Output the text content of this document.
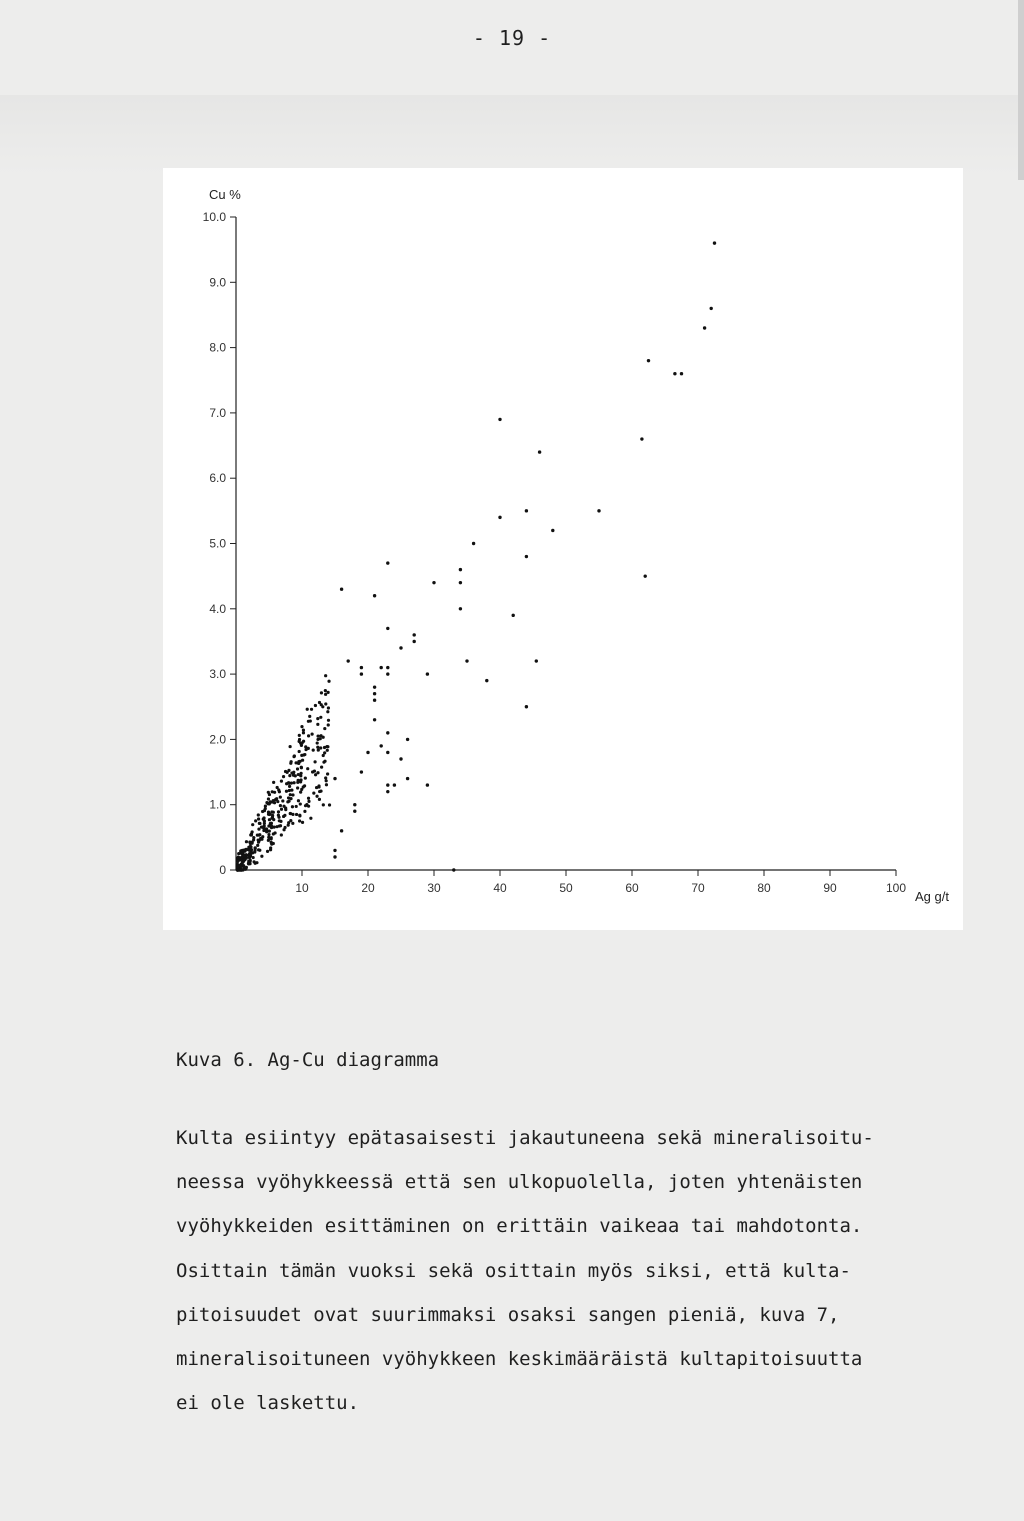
- 19 -
Cu %
Ag g/t
0
1.0
2.0
3.0
4.0
5.0
6.0
7.0
8.0
9.0
10.0
10	20	30	40	50	60	70	80	90	100
Kuva 6. Ag-Cu diagramma
Kulta esiintyy epätasaisesti jakautuneena sekä mineralisoitu-
neessa vyöhykkeessä että sen ulkopuolella, joten yhtenäisten
vyöhykkeiden esittäminen on erittäin vaikeaa tai mahdotonta.
Osittain tämän vuoksi sekä osittain myös siksi, että kulta-
pitoisuudet ovat suurimmaksi osaksi sangen pieniä, kuva 7,
mineralisoituneen vyöhykkeen keskimääräistä kultapitoisuutta
ei ole laskettu.
